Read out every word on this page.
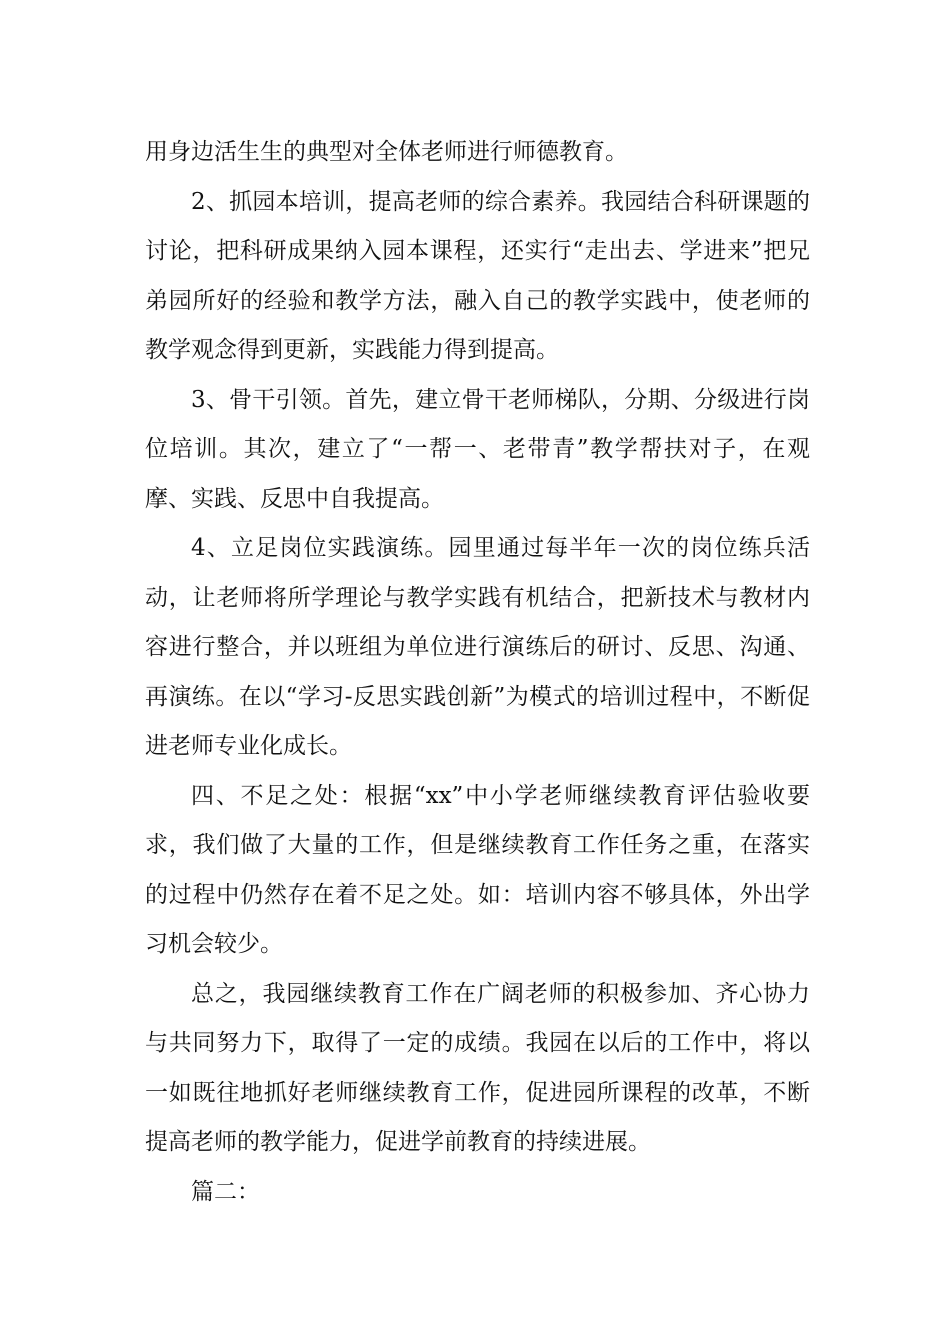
用身边活生生的典型对全体老师进行师德教育。

2、抓园本培训，提高老师的综合素养。我园结合科研课题的讨论，把科研成果纳入园本课程，还实行“走出去、学进来”把兄弟园所好的经验和教学方法，融入自己的教学实践中，使老师的教学观念得到更新，实践能力得到提高。

3、骨干引领。首先，建立骨干老师梯队，分期、分级进行岗位培训。其次，建立了“一帮一、老带青”教学帮扶对子，在观摩、实践、反思中自我提高。

4、立足岗位实践演练。园里通过每半年一次的岗位练兵活动，让老师将所学理论与教学实践有机结合，把新技术与教材内容进行整合，并以班组为单位进行演练后的研讨、反思、沟通、再演练。在以“学习-反思实践创新”为模式的培训过程中，不断促进老师专业化成长。

四、不足之处：根据“xx”中小学老师继续教育评估验收要求，我们做了大量的工作，但是继续教育工作任务之重，在落实的过程中仍然存在着不足之处。如：培训内容不够具体，外出学习机会较少。

总之，我园继续教育工作在广阔老师的积极参加、齐心协力与共同努力下，取得了一定的成绩。我园在以后的工作中，将以一如既往地抓好老师继续教育工作，促进园所课程的改革，不断提高老师的教学能力，促进学前教育的持续进展。

篇二：
